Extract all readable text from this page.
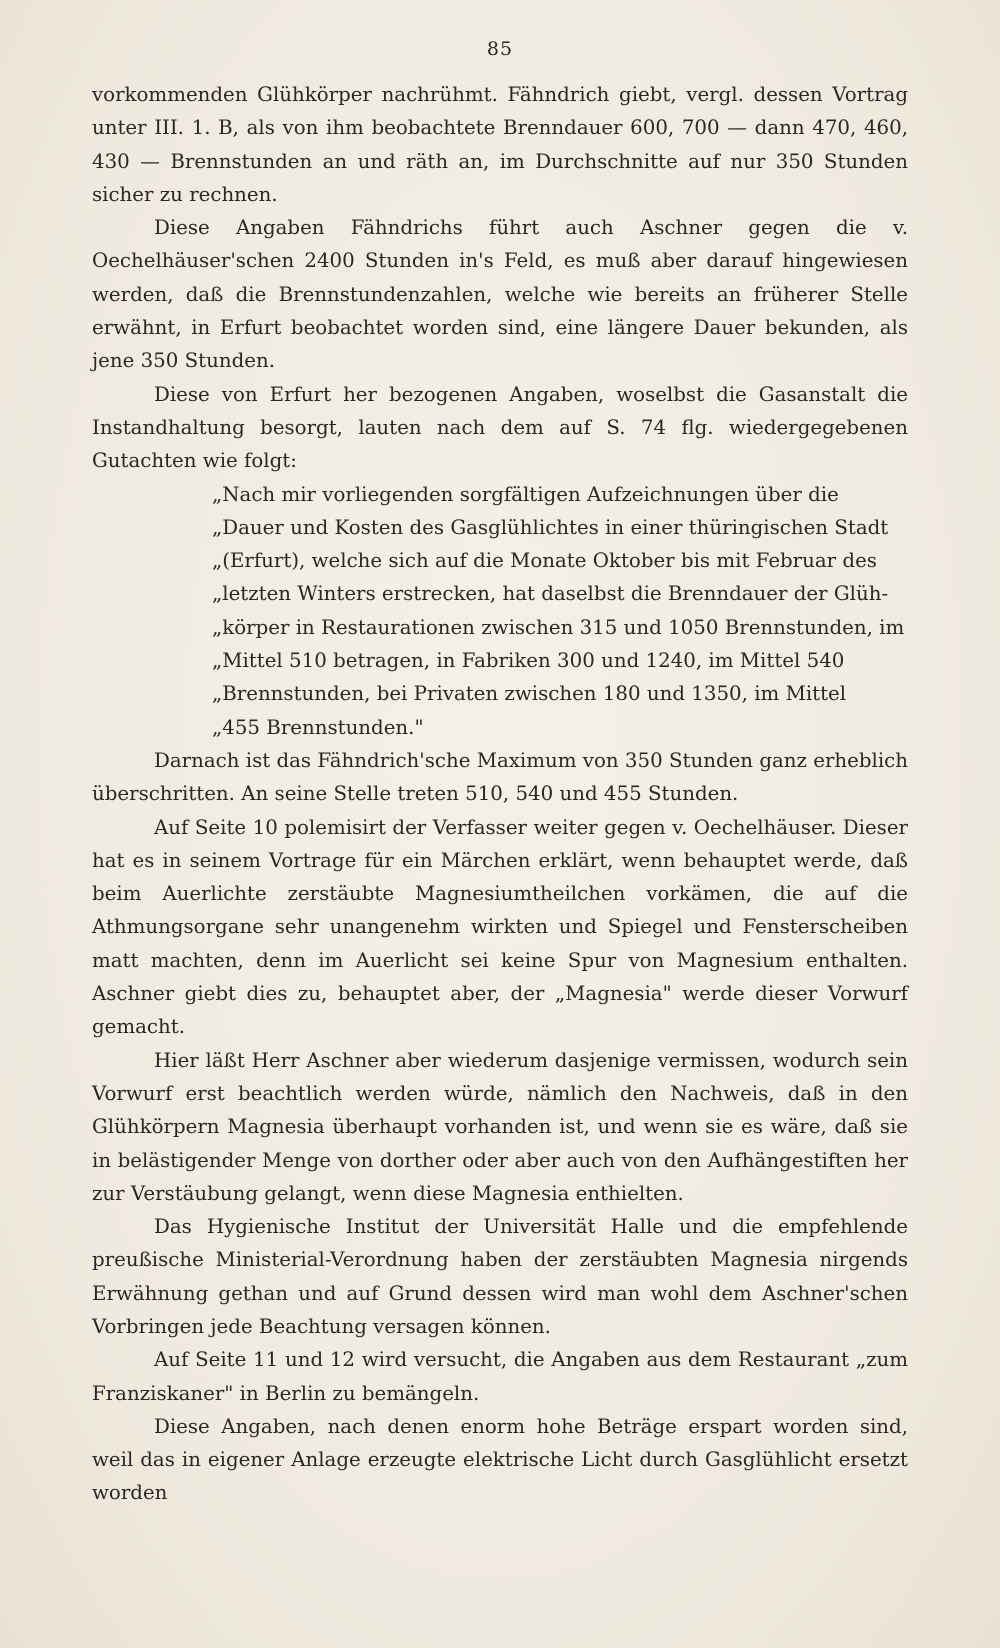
85

vorkommenden Glühkörper nachrühmt. Fähndrich giebt, vergl. dessen Vortrag unter III. 1. B, als von ihm beobachtete Brenndauer 600, 700 — dann 470, 460, 430 — Brennstunden an und räth an, im Durchschnitte auf nur 350 Stunden sicher zu rechnen.

Diese Angaben Fähndrichs führt auch Aschner gegen die v. Oechelhäuser'schen 2400 Stunden in's Feld, es muß aber darauf hingewiesen werden, daß die Brennstundenzahlen, welche wie bereits an früherer Stelle erwähnt, in Erfurt beobachtet worden sind, eine längere Dauer bekunden, als jene 350 Stunden.

Diese von Erfurt her bezogenen Angaben, woselbst die Gasanstalt die Instandhaltung besorgt, lauten nach dem auf S. 74 flg. wiedergegebenen Gutachten wie folgt:

„Nach mir vorliegenden sorgfältigen Aufzeichnungen über die
„Dauer und Kosten des Gasglühlichtes in einer thüringischen Stadt
„(Erfurt), welche sich auf die Monate Oktober bis mit Februar des
„letzten Winters erstrecken, hat daselbst die Brenndauer der Glüh-
„körper in Restaurationen zwischen 315 und 1050 Brennstunden, im
„Mittel 510 betragen, in Fabriken 300 und 1240, im Mittel 540
„Brennstunden, bei Privaten zwischen 180 und 1350, im Mittel
„455 Brennstunden."

Darnach ist das Fähndrich'sche Maximum von 350 Stunden ganz erheblich überschritten. An seine Stelle treten 510, 540 und 455 Stunden.

Auf Seite 10 polemisirt der Verfasser weiter gegen v. Oechelhäuser. Dieser hat es in seinem Vortrage für ein Märchen erklärt, wenn behauptet werde, daß beim Auerlichte zerstäubte Magnesiumtheilchen vorkämen, die auf die Athmungsorgane sehr unangenehm wirkten und Spiegel und Fensterscheiben matt machten, denn im Auerlicht sei keine Spur von Magnesium enthalten. Aschner giebt dies zu, behauptet aber, der „Magnesia" werde dieser Vorwurf gemacht.

Hier läßt Herr Aschner aber wiederum dasjenige vermissen, wodurch sein Vorwurf erst beachtlich werden würde, nämlich den Nachweis, daß in den Glühkörpern Magnesia überhaupt vorhanden ist, und wenn sie es wäre, daß sie in belästigender Menge von dorther oder aber auch von den Aufhängestiften her zur Verstäubung gelangt, wenn diese Magnesia enthielten.

Das Hygienische Institut der Universität Halle und die empfehlende preußische Ministerial-Verordnung haben der zerstäubten Magnesia nirgends Erwähnung gethan und auf Grund dessen wird man wohl dem Aschner'schen Vorbringen jede Beachtung versagen können.

Auf Seite 11 und 12 wird versucht, die Angaben aus dem Restaurant „zum Franziskaner" in Berlin zu bemängeln.

Diese Angaben, nach denen enorm hohe Beträge erspart worden sind, weil das in eigener Anlage erzeugte elektrische Licht durch Gasglühlicht ersetzt worden
